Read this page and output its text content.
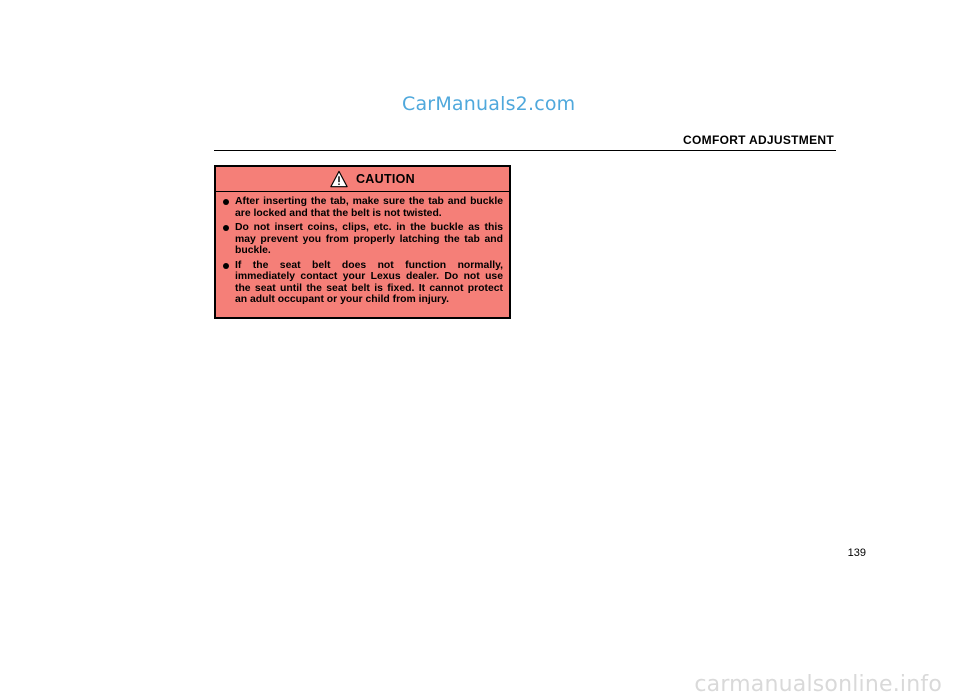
CarManuals2.com
COMFORT ADJUSTMENT
CAUTION
After inserting the tab, make sure the tab and buckle are locked and that the belt is not twisted.
Do not insert coins, clips, etc. in the buckle as this may prevent you from properly latching the tab and buckle.
If the seat belt does not function normally, immediately contact your Lexus dealer. Do not use the seat until the seat belt is fixed. It cannot protect an adult occupant or your child from injury.
139
carmanualsonline.info
